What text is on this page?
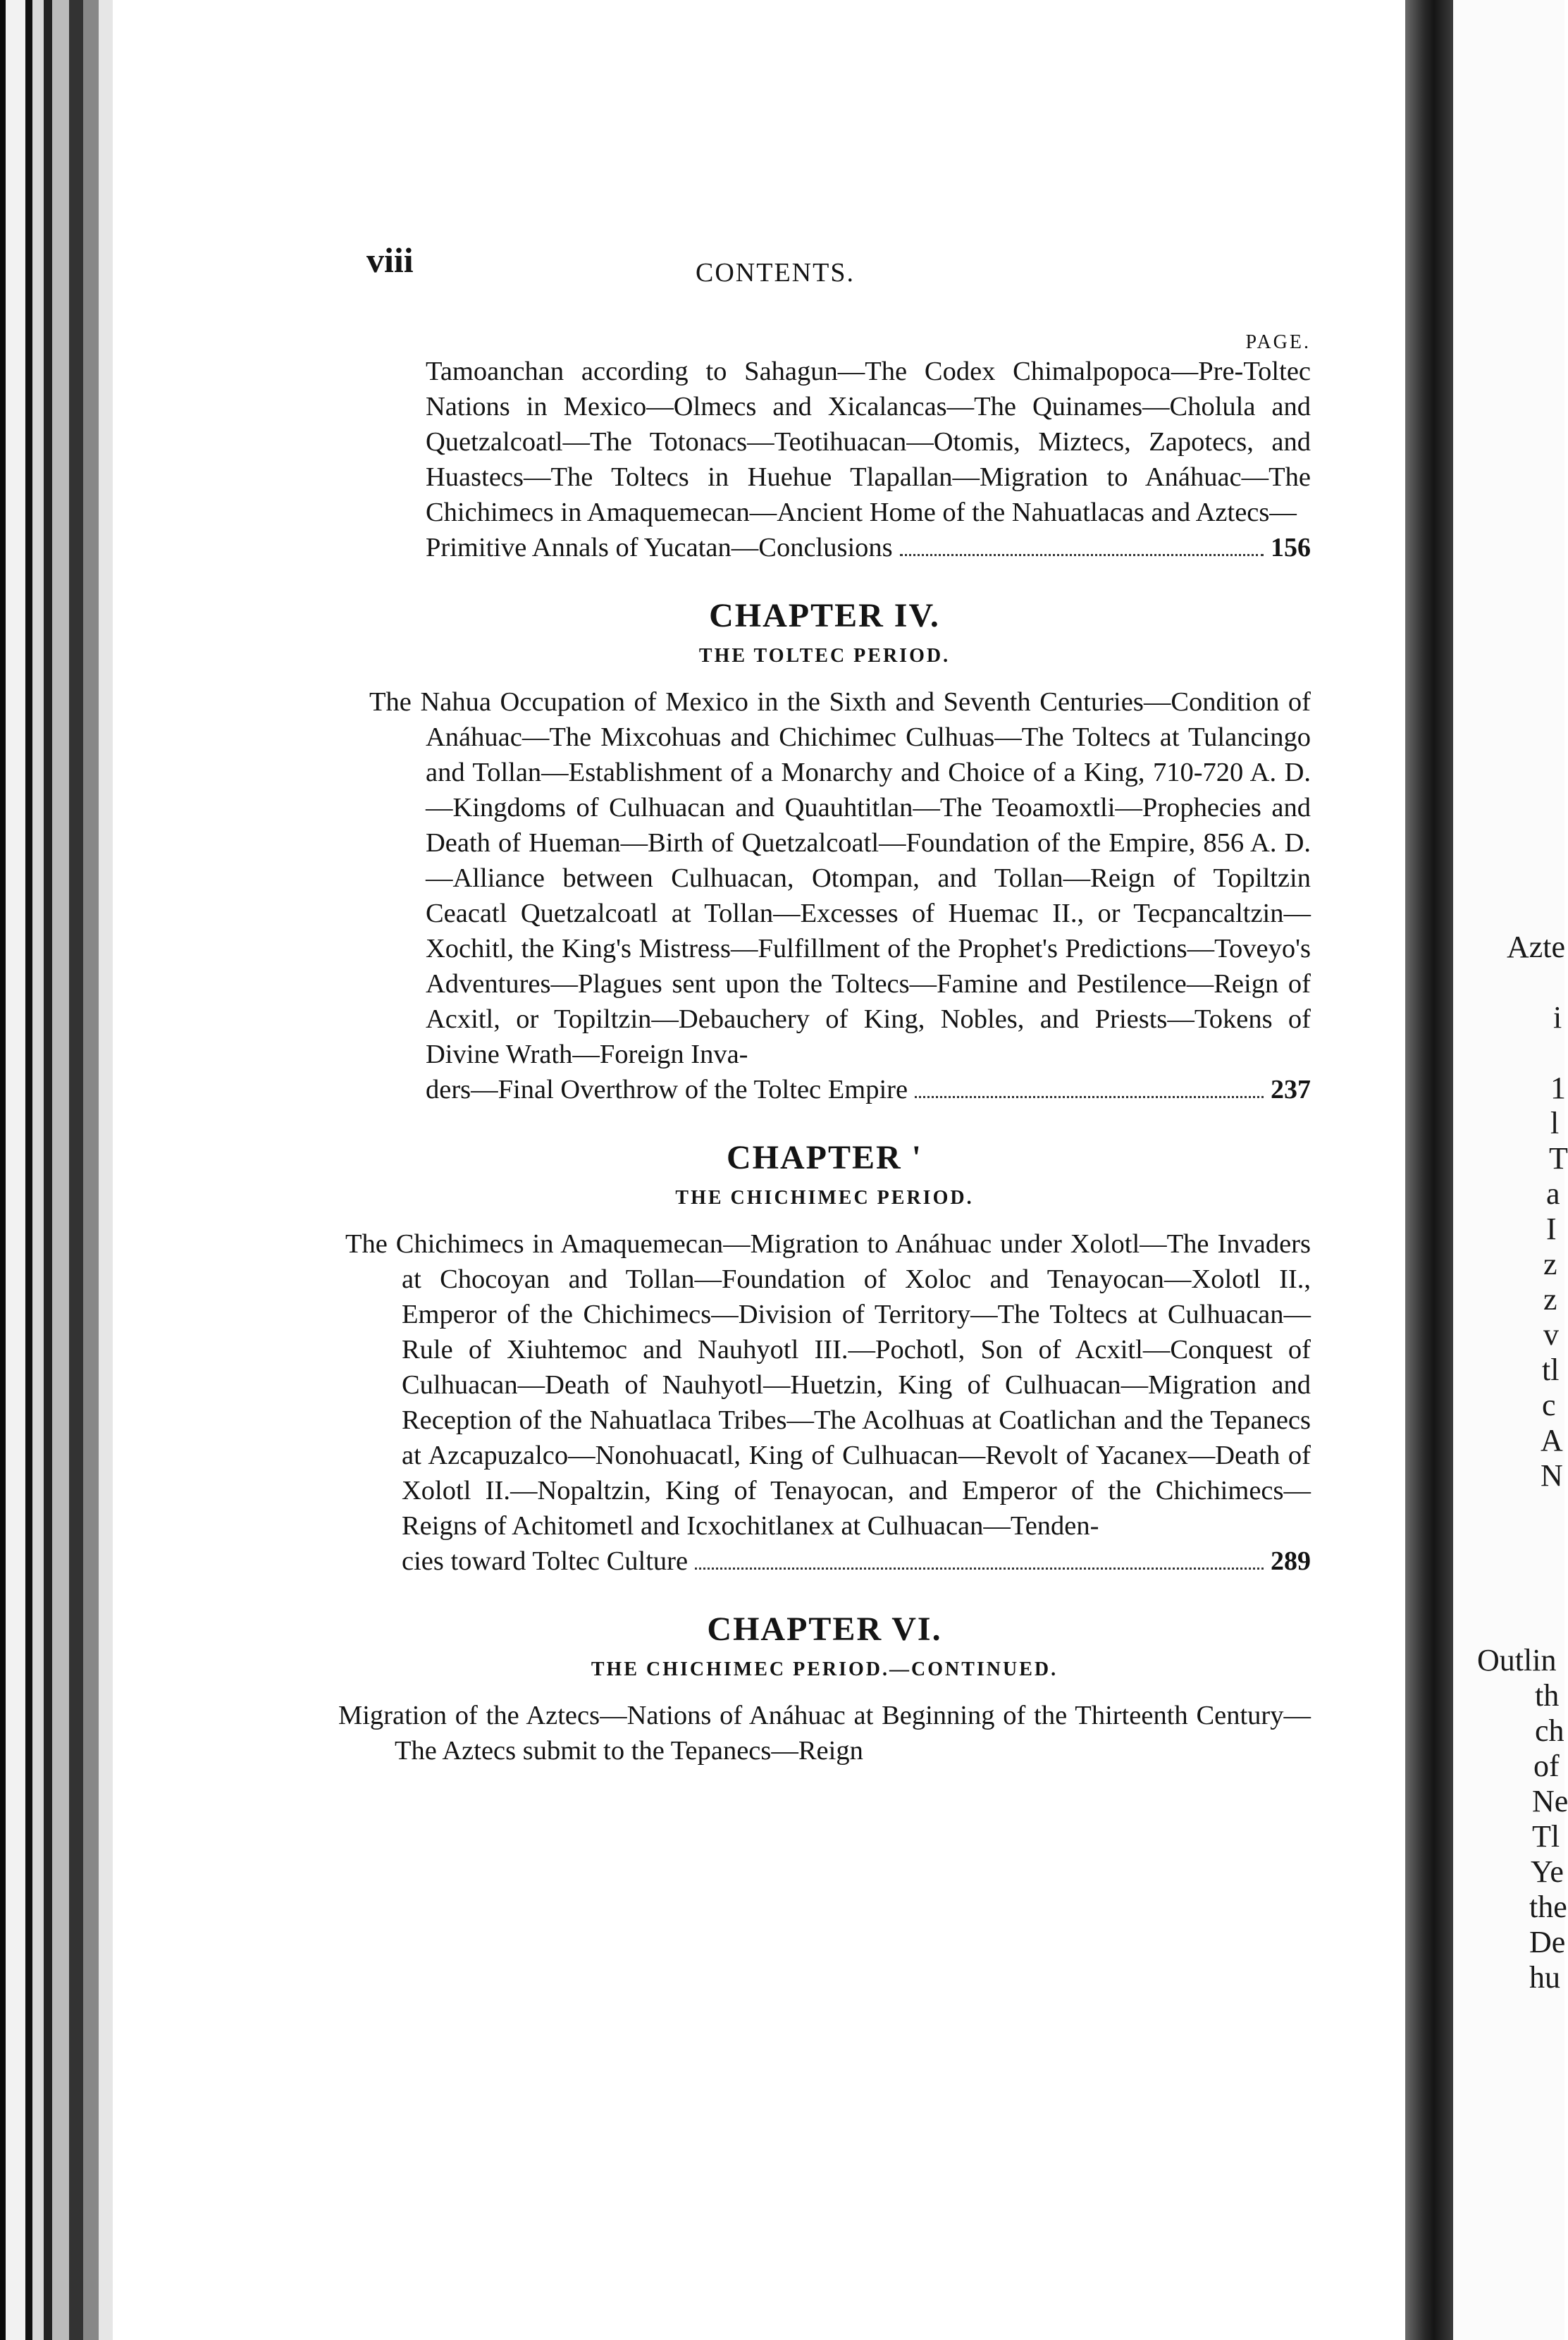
Azte
i
1
l
T
a
I
z
z
v
tl
c
A
N
Outlin
th
ch
of
Ne
Tl
Ye
the
De
hu
viii	CONTENTS.
PAGE.

Tamoanchan according to Sahagun—The Codex Chimalpopoca—Pre-Toltec Nations in Mexico—Olmecs and Xicalancas—The Quinames—Cholula and Quetzalcoatl—The Totonacs—Teotihuacan—Otomis, Miztecs, Zapotecs, and Huastecs—The Toltecs in Huehue Tlapallan—Migration to Anáhuac—The Chichimecs in Amaquemecan—Ancient Home of the Nahuatlacas and Aztecs—

Primitive Annals of Yucatan—Conclusions	156
CHAPTER IV.
THE TOLTEC PERIOD.

The Nahua Occupation of Mexico in the Sixth and Seventh Centuries—Condition of Anáhuac—The Mixcohuas and Chichimec Culhuas—The Toltecs at Tulancingo and Tollan—Establishment of a Monarchy and Choice of a King, 710-720 A. D.—Kingdoms of Culhuacan and Quauhtitlan—The Teoamoxtli—Prophecies and Death of Hueman—Birth of Quetzalcoatl—Foundation of the Empire, 856 A. D.—Alliance between Culhuacan, Otompan, and Tollan—Reign of Topiltzin Ceacatl Quetzalcoatl at Tollan—Excesses of Huemac II., or Tecpancaltzin—Xochitl, the King's Mistress—Fulfillment of the Prophet's Predictions—Toveyo's Adventures—Plagues sent upon the Toltecs—Famine and Pestilence—Reign of Acxitl, or Topiltzin—Debauchery of King, Nobles, and Priests—Tokens of Divine Wrath—Foreign Inva-

ders—Final Overthrow of the Toltec Empire	237
CHAPTER '
THE CHICHIMEC PERIOD.

The Chichimecs in Amaquemecan—Migration to Anáhuac under Xolotl—The Invaders at Chocoyan and Tollan—Foundation of Xoloc and Tenayocan—Xolotl II., Emperor of the Chichimecs—Division of Territory—The Toltecs at Culhuacan—Rule of Xiuhtemoc and Nauhyotl III.—Pochotl, Son of Acxitl—Conquest of Culhuacan—Death of Nauhyotl—Huetzin, King of Culhuacan—Migration and Reception of the Nahuatlaca Tribes—The Acolhuas at Coatlichan and the Tepanecs at Azcapuzalco—Nonohuacatl, King of Culhuacan—Revolt of Yacanex—Death of Xolotl II.—Nopaltzin, King of Tenayocan, and Emperor of the Chichimecs—Reigns of Achitometl and Icxochitlanex at Culhuacan—Tenden-

cies toward Toltec Culture	289
CHAPTER VI.
THE CHICHIMEC PERIOD.—CONTINUED.

Migration of the Aztecs—Nations of Anáhuac at Beginning of the Thirteenth Century—The Aztecs submit to the Tepanecs—Reign
